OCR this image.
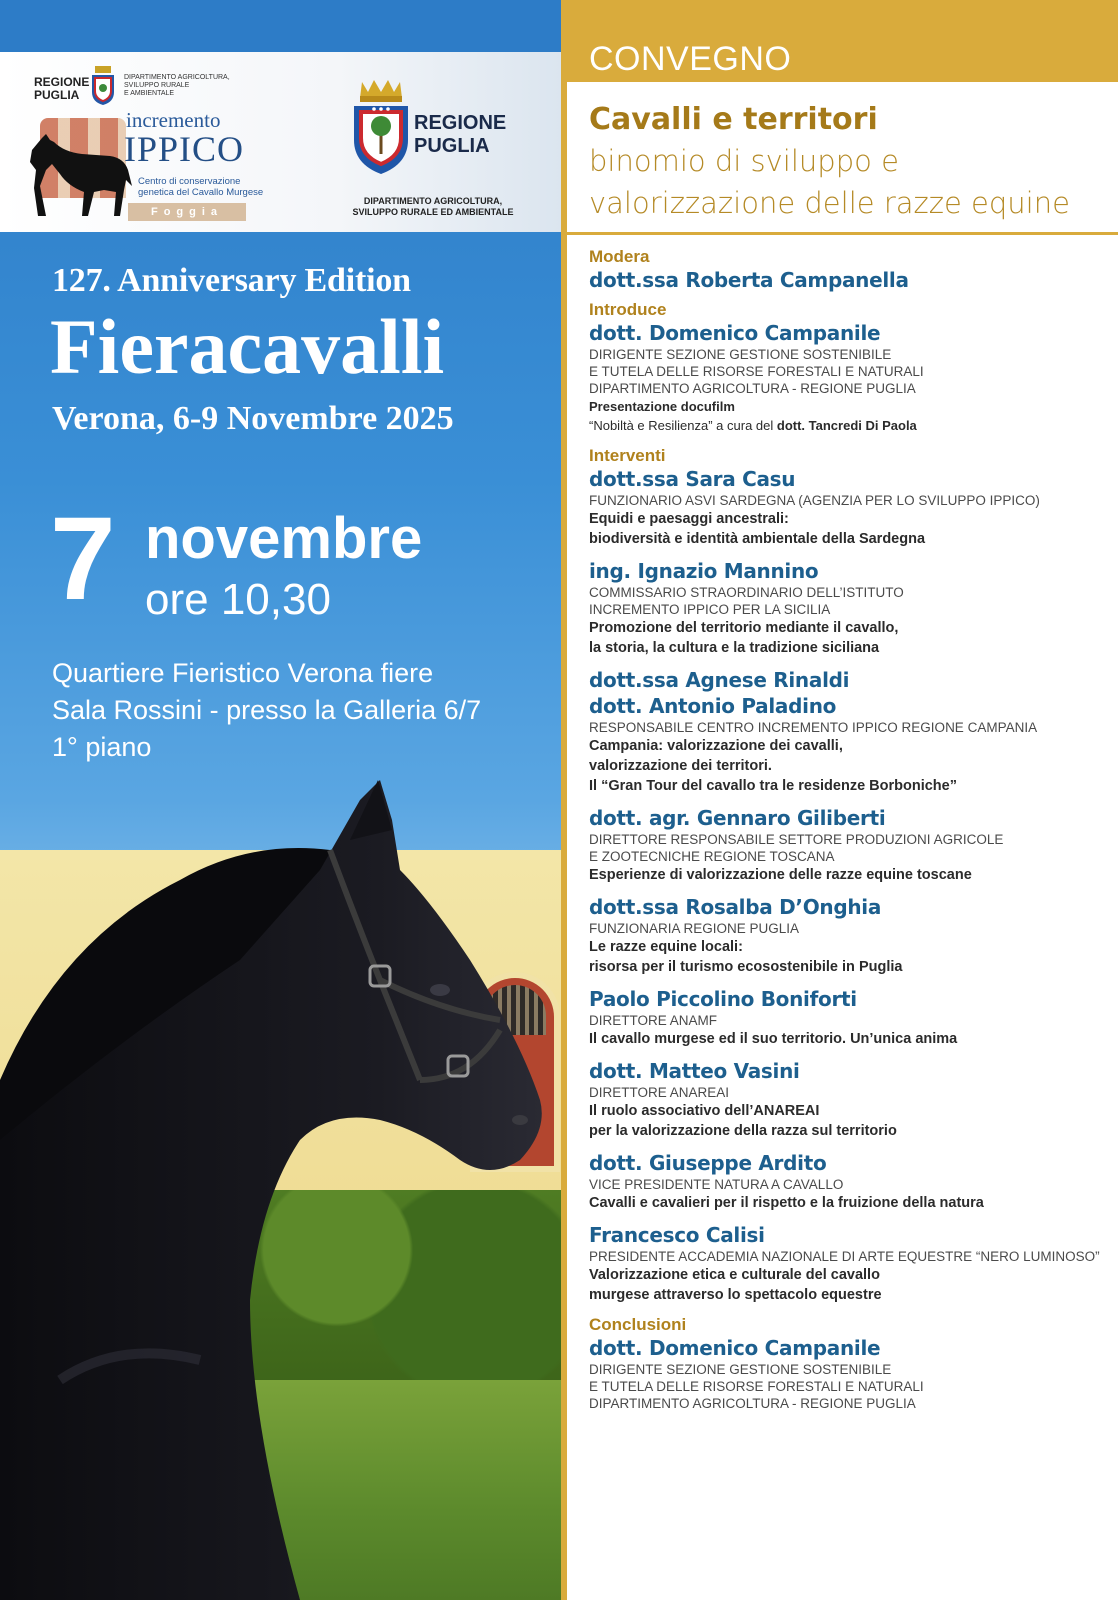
REGIONE
PUGLIA
DIPARTIMENTO AGRICOLTURA,
SVILUPPO RURALE
E AMBIENTALE
incremento
IPPICO
Centro di conservazione
genetica del Cavallo Murgese
Foggia
REGIONE
PUGLIA
DIPARTIMENTO AGRICOLTURA,
SVILUPPO RURALE ED AMBIENTALE
127. Anniversary Edition
Fieracavalli
Verona, 6-9 Novembre 2025
7 novembre
ore 10,30
Quartiere Fieristico Verona fiere
Sala Rossini - presso la Galleria 6/7
1° piano
CONVEGNO
Cavalli e territori
binomio di sviluppo e
valorizzazione delle razze equine
Modera
dott.ssa Roberta Campanella
Introduce
dott. Domenico Campanile
DIRIGENTE SEZIONE GESTIONE SOSTENIBILE
E TUTELA DELLE RISORSE FORESTALI E NATURALI
DIPARTIMENTO AGRICOLTURA - REGIONE PUGLIA
Presentazione docufilm
“Nobiltà e Resilienza” a cura del dott. Tancredi Di Paola
Interventi
dott.ssa Sara Casu
FUNZIONARIO ASVI SARDEGNA (AGENZIA PER LO SVILUPPO IPPICO)
Equidi e paesaggi ancestrali:
biodiversità e identità ambientale della Sardegna
ing. Ignazio Mannino
COMMISSARIO STRAORDINARIO DELL’ISTITUTO
INCREMENTO IPPICO PER LA SICILIA
Promozione del territorio mediante il cavallo,
la storia, la cultura e la tradizione siciliana
dott.ssa Agnese Rinaldi
dott. Antonio Paladino
RESPONSABILE CENTRO INCREMENTO IPPICO REGIONE CAMPANIA
Campania: valorizzazione dei cavalli,
valorizzazione dei territori.
Il “Gran Tour del cavallo tra le residenze Borboniche”
dott. agr. Gennaro Giliberti
DIRETTORE RESPONSABILE SETTORE PRODUZIONI AGRICOLE
E ZOOTECNICHE REGIONE TOSCANA
Esperienze di valorizzazione delle razze equine toscane
dott.ssa Rosalba D’Onghia
FUNZIONARIA REGIONE PUGLIA
Le razze equine locali:
risorsa per il turismo ecosostenibile in Puglia
Paolo Piccolino Boniforti
DIRETTORE ANAMF
Il cavallo murgese ed il suo territorio. Un’unica anima
dott. Matteo Vasini
DIRETTORE ANAREAI
Il ruolo associativo dell’ANAREAI
per la valorizzazione della razza sul territorio
dott. Giuseppe Ardito
VICE PRESIDENTE NATURA A CAVALLO
Cavalli e cavalieri per il rispetto e la fruizione della natura
Francesco Calisi
PRESIDENTE ACCADEMIA NAZIONALE DI ARTE EQUESTRE “NERO LUMINOSO”
Valorizzazione etica e culturale del cavallo
murgese attraverso lo spettacolo equestre
Conclusioni
dott. Domenico Campanile
DIRIGENTE SEZIONE GESTIONE SOSTENIBILE
E TUTELA DELLE RISORSE FORESTALI E NATURALI
DIPARTIMENTO AGRICOLTURA - REGIONE PUGLIA
